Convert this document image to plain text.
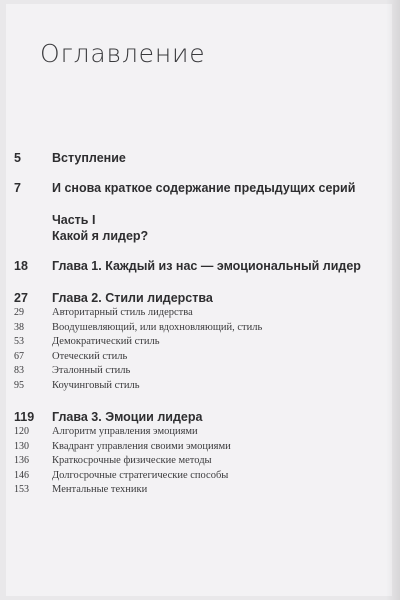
Оглавление
5	Вступление
7	И снова краткое содержание предыдущих серий
Часть I
Какой я лидер?
18	Глава 1. Каждый из нас — эмоциональный лидер
27	Глава 2. Стили лидерства
29	Авторитарный стиль лидерства
38	Воодушевляющий, или вдохновляющий, стиль
53	Демократический стиль
67	Отеческий стиль
83	Эталонный стиль
95	Коучинговый стиль
119	Глава 3. Эмоции лидера
120	Алгоритм управления эмоциями
130	Квадрант управления своими эмоциями
136	Краткосрочные физические методы
146	Долгосрочные стратегические способы
153	Ментальные техники
